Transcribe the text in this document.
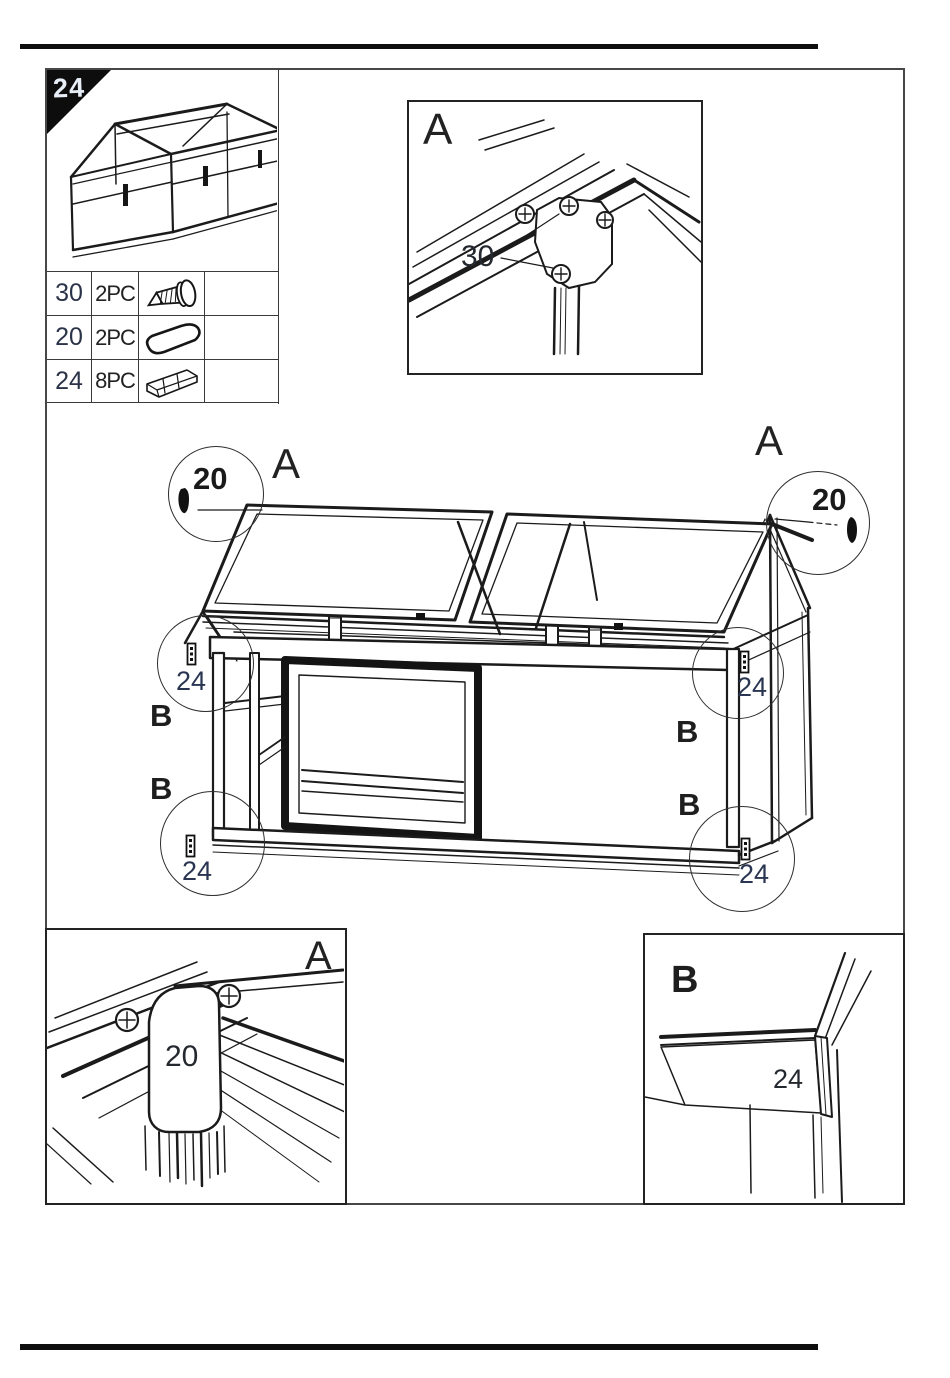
24
30 2PC
20 2PC
24 8PC
A
30
A	A
20
20
24
B
B
24
24
B
B
24
A
20
B
24
